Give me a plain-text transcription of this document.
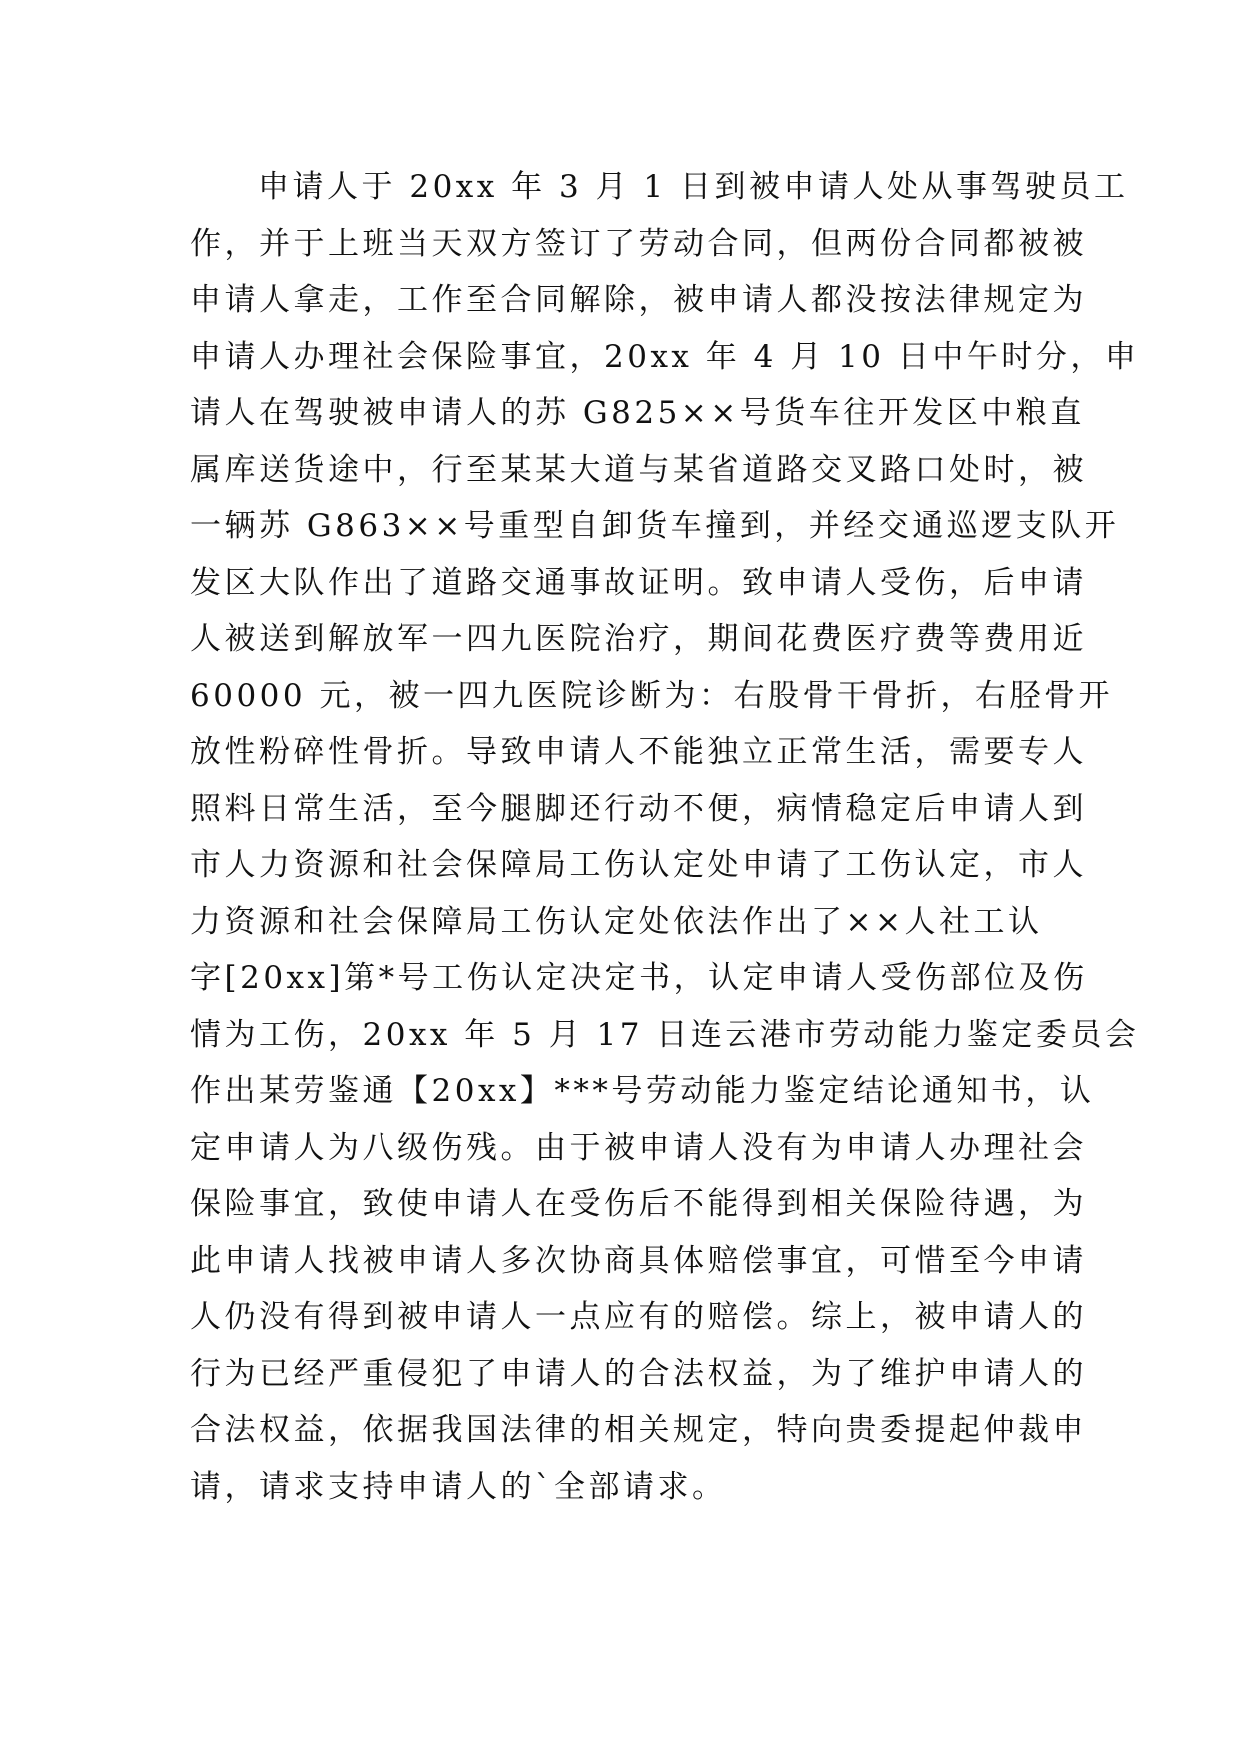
申请人于 20xx 年 3 月 1 日到被申请人处从事驾驶员工
作，并于上班当天双方签订了劳动合同，但两份合同都被被
申请人拿走，工作至合同解除，被申请人都没按法律规定为
申请人办理社会保险事宜，20xx 年 4 月 10 日中午时分，申
请人在驾驶被申请人的苏 G825××号货车往开发区中粮直
属库送货途中，行至某某大道与某省道路交叉路口处时，被
一辆苏 G863××号重型自卸货车撞到，并经交通巡逻支队开
发区大队作出了道路交通事故证明。致申请人受伤，后申请
人被送到解放军一四九医院治疗，期间花费医疗费等费用近
60000 元，被一四九医院诊断为：右股骨干骨折，右胫骨开
放性粉碎性骨折。导致申请人不能独立正常生活，需要专人
照料日常生活，至今腿脚还行动不便，病情稳定后申请人到
市人力资源和社会保障局工伤认定处申请了工伤认定，市人
力资源和社会保障局工伤认定处依法作出了××人社工认
字[20xx]第*号工伤认定决定书，认定申请人受伤部位及伤
情为工伤，20xx 年 5 月 17 日连云港市劳动能力鉴定委员会
作出某劳鉴通【20xx】***号劳动能力鉴定结论通知书，认
定申请人为八级伤残。由于被申请人没有为申请人办理社会
保险事宜，致使申请人在受伤后不能得到相关保险待遇，为
此申请人找被申请人多次协商具体赔偿事宜，可惜至今申请
人仍没有得到被申请人一点应有的赔偿。综上，被申请人的
行为已经严重侵犯了申请人的合法权益，为了维护申请人的
合法权益，依据我国法律的相关规定，特向贵委提起仲裁申
请，请求支持申请人的`全部请求。
